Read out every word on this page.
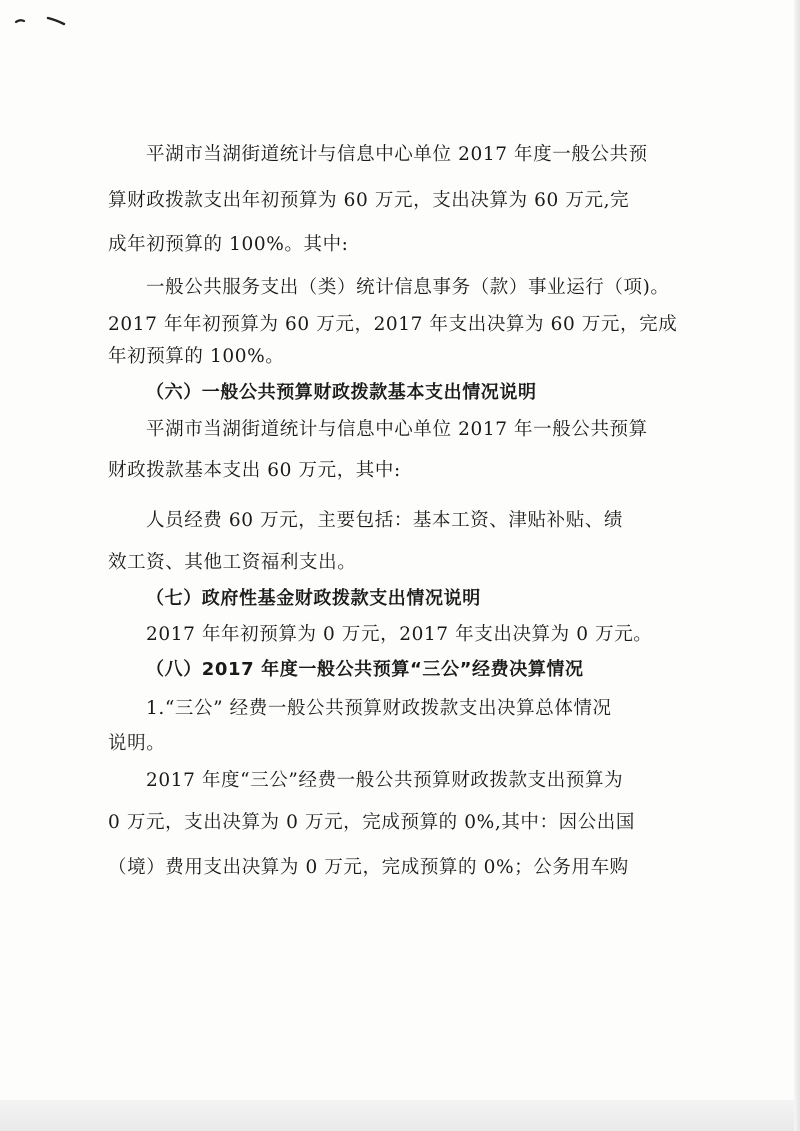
平湖市当湖街道统计与信息中心单位 2017 年度一般公共预
算财政拨款支出年初预算为 60 万元，支出决算为 60 万元,完
成年初预算的 100%。其中:
一般公共服务支出（类）统计信息事务（款）事业运行（项)。
2017 年年初预算为 60 万元，2017 年支出决算为 60 万元，完成
年初预算的 100%。
（六）一般公共预算财政拨款基本支出情况说明
平湖市当湖街道统计与信息中心单位 2017 年一般公共预算
财政拨款基本支出 60 万元，其中:
人员经费 60 万元，主要包括：基本工资、津贴补贴、绩
效工资、其他工资福利支出。
（七）政府性基金财政拨款支出情况说明
2017 年年初预算为 0 万元，2017 年支出决算为 0 万元。
（八）2017 年度一般公共预算“三公”经费决算情况
1.“三公” 经费一般公共预算财政拨款支出决算总体情况
说明。
2017 年度“三公”经费一般公共预算财政拨款支出预算为
0 万元，支出决算为 0 万元，完成预算的 0%,其中：因公出国
（境）费用支出决算为 0 万元，完成预算的 0%；公务用车购
